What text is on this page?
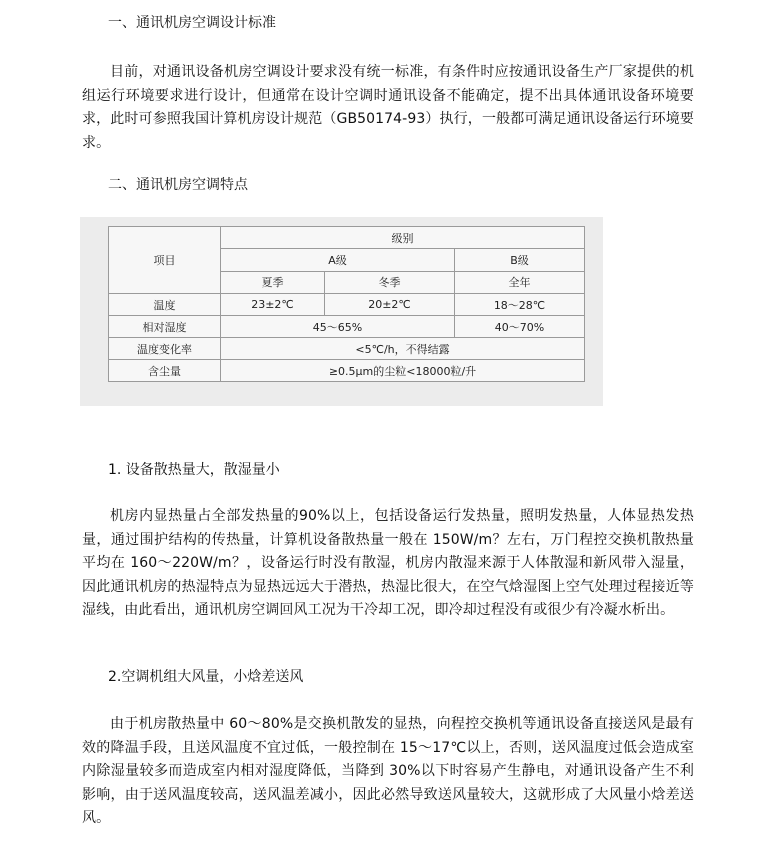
一、通讯机房空调设计标准

目前，对通讯设备机房空调设计要求没有统一标准，有条件时应按通讯设备生产厂家提供的机组运行环境要求进行设计，但通常在设计空调时通讯设备不能确定，提不出具体通讯设备环境要求，此时可参照我国计算机房设计规范（GB50174-93）执行，一般都可满足通讯设备运行环境要求。

二、通讯机房空调特点
项目	级别		
	A级		B级
	夏季	冬季	全年
温度	23±2℃	20±2℃	18～28℃
相对湿度	45～65%		40～70%
温度变化率	<5℃/h，不得结露		
含尘量	≥0.5μm的尘粒<18000粒/升		
1. 设备散热量大，散湿量小

机房内显热量占全部发热量的90%以上，包括设备运行发热量，照明发热量，人体显热发热量，通过围护结构的传热量，计算机设备散热量一般在 150W/m？左右，万门程控交换机散热量平均在 160～220W/m？，设备运行时没有散湿，机房内散湿来源于人体散湿和新风带入湿量，因此通讯机房的热湿特点为显热远远大于潜热，热湿比很大，在空气焓湿图上空气处理过程接近等湿线，由此看出，通讯机房空调回风工况为干冷却工况，即冷却过程没有或很少有冷凝水析出。

2.空调机组大风量，小焓差送风

由于机房散热量中 60～80%是交换机散发的显热，向程控交换机等通讯设备直接送风是最有效的降温手段，且送风温度不宜过低，一般控制在 15～17℃以上，否则，送风温度过低会造成室内除湿量较多而造成室内相对湿度降低，当降到 30%以下时容易产生静电，对通讯设备产生不利影响，由于送风温度较高，送风温差减小，因此必然导致送风量较大，这就形成了大风量小焓差送风。
